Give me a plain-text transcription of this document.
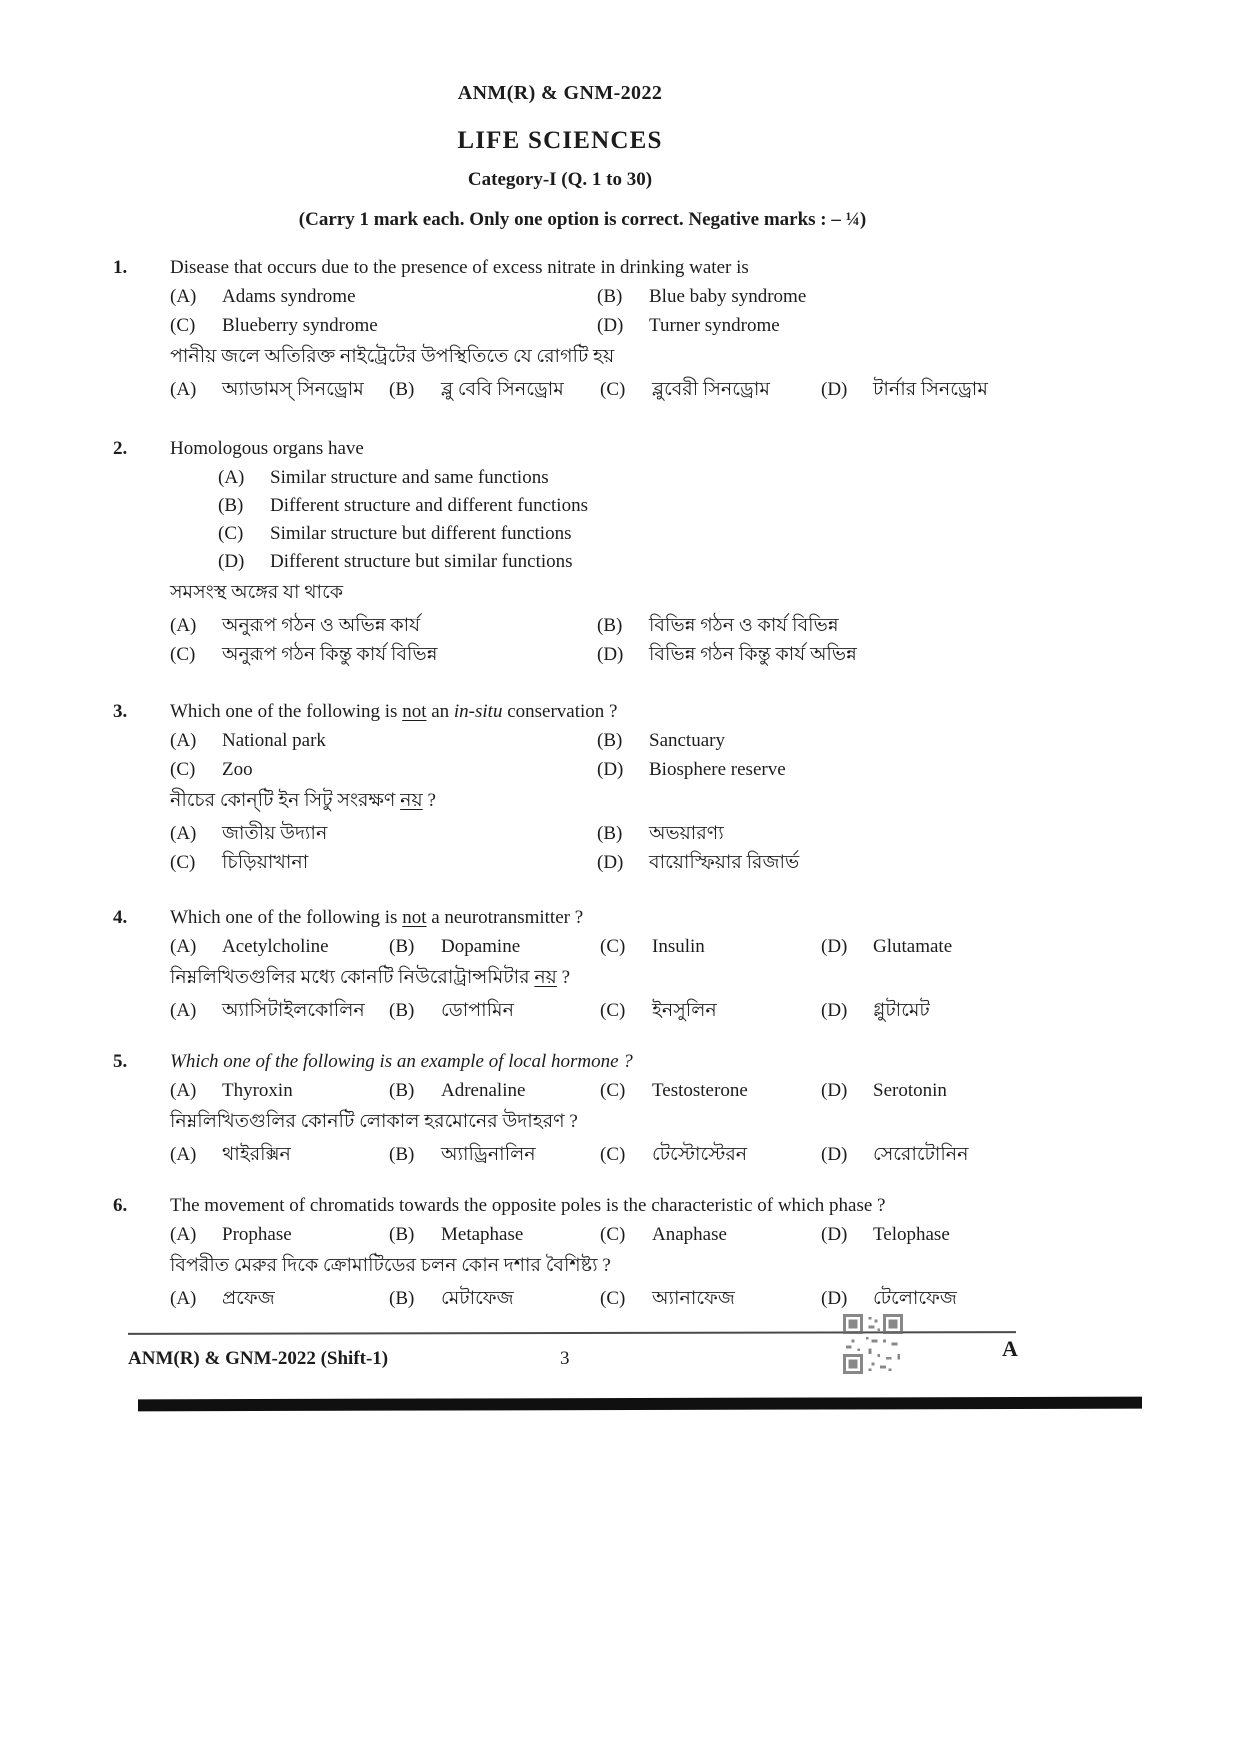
ANM(R) & GNM-2022
LIFE SCIENCES
Category-I (Q. 1 to 30)
(Carry 1 mark each. Only one option is correct. Negative marks : – ¼)
1.	Disease that occurs due to the presence of excess nitrate in drinking water is
(A)	Adams syndrome	(B)	Blue baby syndrome
(C)	Blueberry syndrome	(D)	Turner syndrome
পানীয় জলে অতিরিক্ত নাইট্রেটের উপস্থিতিতে যে রোগটি হয়
(A)	অ্যাডামস্ সিনড্রোম (B)	ব্লু বেবি সিনড্রোম (C)	ব্লুবেরী সিনড্রোম	(D)	টার্নার সিনড্রোম
2.	Homologous organs have
(A)	Similar structure and same functions
(B)	Different structure and different functions
(C)	Similar structure but different functions
(D)	Different structure but similar functions
সমসংস্থ অঙ্গের যা থাকে
(A)	অনুরূপ গঠন ও অভিন্ন কার্য	(B)	বিভিন্ন গঠন ও কার্য বিভিন্ন
(C)	অনুরূপ গঠন কিন্তু কার্য বিভিন্ন	(D)	বিভিন্ন গঠন কিন্তু কার্য অভিন্ন
3.	Which one of the following is not an in-situ conservation ?
(A)	National park	(B)	Sanctuary
(C)	Zoo	(D)	Biosphere reserve
নীচের কোন্‌টি ইন সিটু সংরক্ষণ নয় ?
(A)	জাতীয় উদ্যান	(B)	অভয়ারণ্য
(C)	চিড়িয়াখানা	(D)	বায়োস্ফিয়ার রিজার্ভ
4.	Which one of the following is not a neurotransmitter ?
(A)	Acetylcholine	(B)	Dopamine	(C)	Insulin	(D)	Glutamate
নিম্নলিখিতগুলির মধ্যে কোনটি নিউরোট্রান্সমিটার নয় ?
(A)	অ্যাসিটাইলকোলিন (B)	ডোপামিন	(C)	ইনসুলিন	(D)	গ্লুটামেট
5.	Which one of the following is an example of local hormone ?
(A)	Thyroxin	(B)	Adrenaline	(C)	Testosterone	(D)	Serotonin
নিম্নলিখিতগুলির কোনটি লোকাল হরমোনের উদাহরণ ?
(A)	থাইরক্সিন	(B)	অ্যাড্রিনালিন	(C)	টেস্টোস্টেরন	(D)	সেরোটোনিন
6.	The movement of chromatids towards the opposite poles is the characteristic of which phase ?
(A)	Prophase	(B)	Metaphase	(C)	Anaphase	(D)	Telophase
বিপরীত মেরুর দিকে ক্রোমাটিডের চলন কোন দশার বৈশিষ্ট্য ?
(A)	প্রফেজ	(B)	মেটাফেজ	(C)	অ্যানাফেজ	(D)	টেলোফেজ
ANM(R) & GNM-2022 (Shift-1)	3	A
